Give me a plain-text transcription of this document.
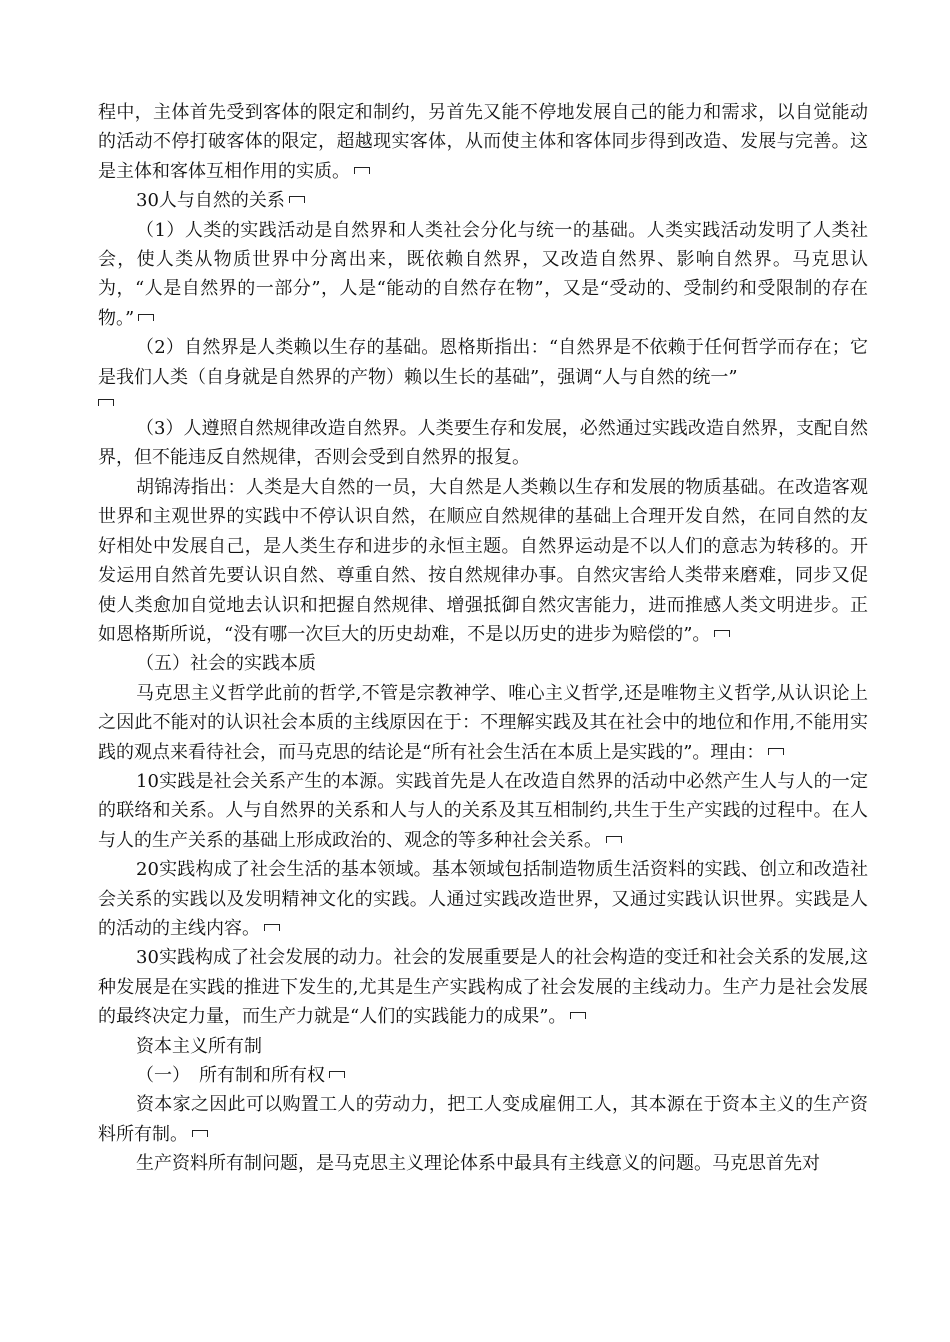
程中，主体首先受到客体的限定和制约，另首先又能不停地发展自己的能力和需求，以自觉能动的活动不停打破客体的限定，超越现实客体，从而使主体和客体同步得到改造、发展与完善。这是主体和客体互相作用的实质。

30人与自然的关系

（1）人类的实践活动是自然界和人类社会分化与统一的基础。人类实践活动发明了人类社会，使人类从物质世界中分离出来，既依赖自然界，又改造自然界、影响自然界。马克思认为，“人是自然界的一部分”，人是“能动的自然存在物”，又是“受动的、受制约和受限制的存在物。”

（2）自然界是人类赖以生存的基础。恩格斯指出：“自然界是不依赖于任何哲学而存在；它是我们人类（自身就是自然界的产物）赖以生长的基础”，强调“人与自然的统一”

（3）人遵照自然规律改造自然界。人类要生存和发展，必然通过实践改造自然界，支配自然界，但不能违反自然规律，否则会受到自然界的报复。

胡锦涛指出：人类是大自然的一员，大自然是人类赖以生存和发展的物质基础。在改造客观世界和主观世界的实践中不停认识自然，在顺应自然规律的基础上合理开发自然，在同自然的友好相处中发展自己，是人类生存和进步的永恒主题。自然界运动是不以人们的意志为转移的。开发运用自然首先要认识自然、尊重自然、按自然规律办事。自然灾害给人类带来磨难，同步又促使人类愈加自觉地去认识和把握自然规律、增强抵御自然灾害能力，进而推感人类文明进步。正如恩格斯所说，“没有哪一次巨大的历史劫难，不是以历史的进步为赔偿的”。

（五）社会的实践本质

马克思主义哲学此前的哲学,不管是宗教神学、唯心主义哲学,还是唯物主义哲学,从认识论上之因此不能对的认识社会本质的主线原因在于：不理解实践及其在社会中的地位和作用,不能用实践的观点来看待社会，而马克思的结论是“所有社会生活在本质上是实践的”。理由：

10实践是社会关系产生的本源。实践首先是人在改造自然界的活动中必然产生人与人的一定的联络和关系。人与自然界的关系和人与人的关系及其互相制约,共生于生产实践的过程中。在人与人的生产关系的基础上形成政治的、观念的等多种社会关系。

20实践构成了社会生活的基本领域。基本领域包括制造物质生活资料的实践、创立和改造社会关系的实践以及发明精神文化的实践。人通过实践改造世界，又通过实践认识世界。实践是人的活动的主线内容。

30实践构成了社会发展的动力。社会的发展重要是人的社会构造的变迁和社会关系的发展,这种发展是在实践的推进下发生的,尤其是生产实践构成了社会发展的主线动力。生产力是社会发展的最终决定力量，而生产力就是“人们的实践能力的成果”。

资本主义所有制

（一）　所有制和所有权

资本家之因此可以购置工人的劳动力，把工人变成雇佣工人，其本源在于资本主义的生产资料所有制。

生产资料所有制问题，是马克思主义理论体系中最具有主线意义的问题。马克思首先对
